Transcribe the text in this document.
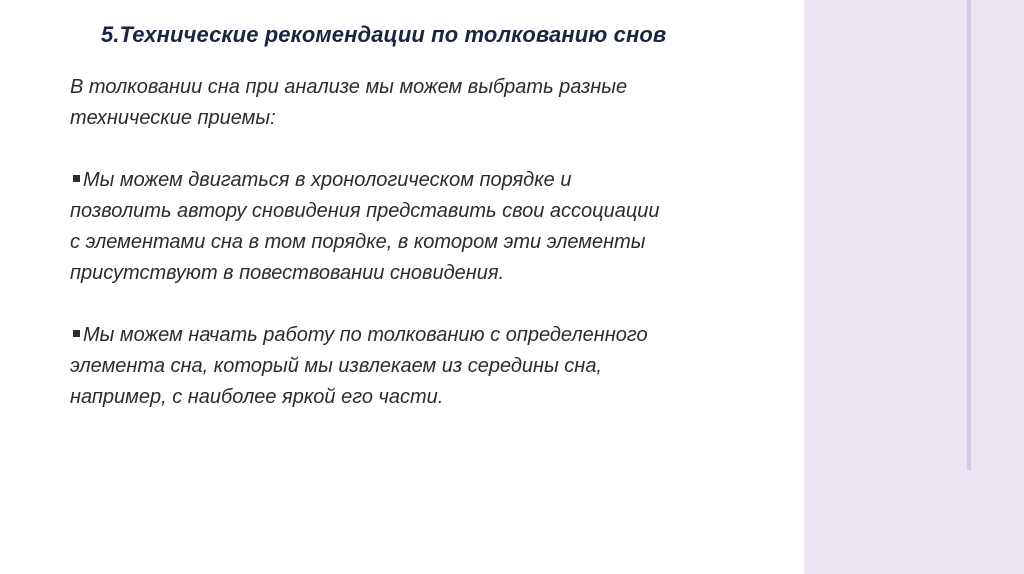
5.Технические рекомендации по толкованию снов
В толковании сна при анализе мы можем выбрать разные
технические приемы:
Мы можем двигаться в хронологическом порядке и
позволить автору сновидения представить свои ассоциации
с элементами сна в том порядке, в котором эти элементы
присутствуют в повествовании сновидения.
Мы можем начать работу по толкованию с определенного
элемента сна, который мы извлекаем из середины сна,
например, с наиболее яркой его части.
